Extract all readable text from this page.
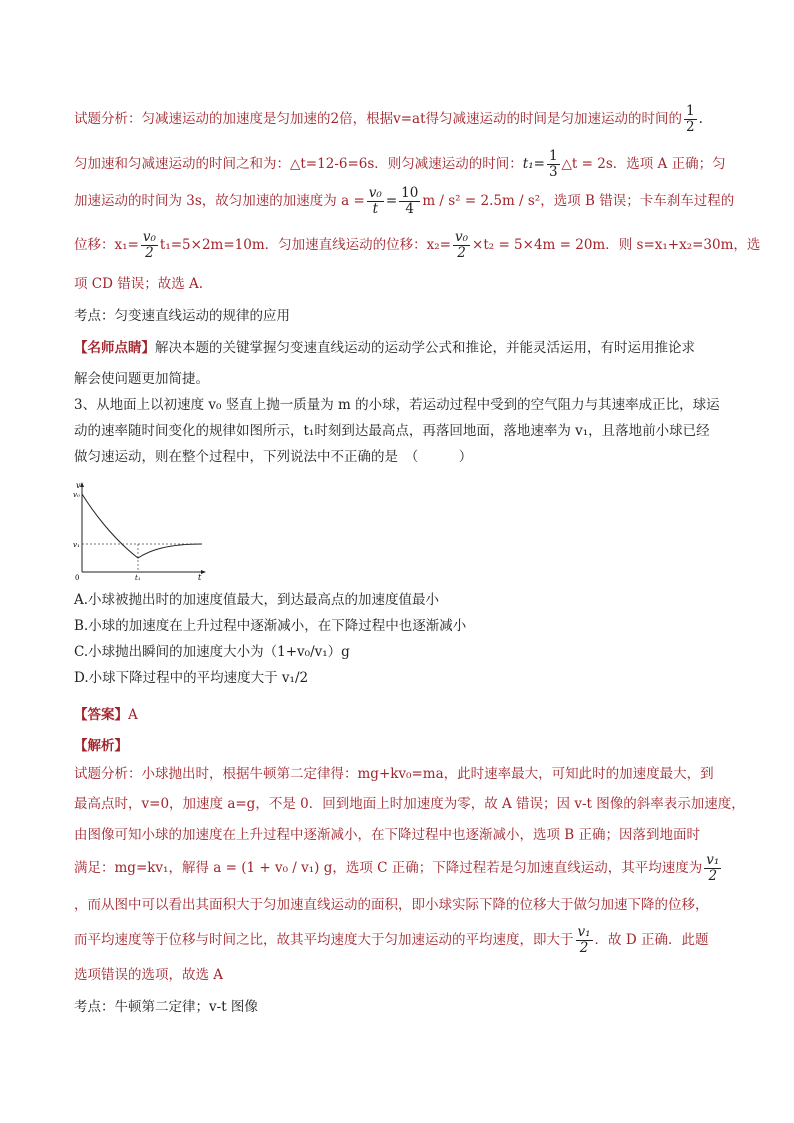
试题分析：匀减速运动的加速度是匀加速的2倍，根据v=at得匀减速运动的时间是匀加速运动的时间的 $\frac{1}{2}$ .
匀加速和匀减速运动的时间之和为：△t=12-6=6s．则匀减速运动的时间：$t_1= \frac{1}{3}$ △t = 2s．选项 A 正确；匀
加速运动的时间为 3s，故匀加速的加速度为 $a = \frac{\text{v₀}}{t} = \frac{10}{4}$ m / s² = 2.5m / s²，选项 B 错误；卡车刹车过程的
位移：$x_1= \frac{\text{v₀}}{2} t_1=5\times 2m=10m$．匀加速直线运动的位移：$x_2= \frac{\text{v₀}}{2} \times t_2 = 5\times 4m = 20m$．则 s=x₁+x₂=30m，选
项 CD 错误；故选 A.
考点：匀变速直线运动的规律的应用
【名师点睛】解决本题的关键掌握匀变速直线运动的运动学公式和推论，并能灵活运用，有时运用推论求
解会使问题更加简捷。
3、从地面上以初速度 v₀ 竖直上抛一质量为 m 的小球，若运动过程中受到的空气阻力与其速率成正比，球运
动的速率随时间变化的规律如图所示，t₁时刻到达最高点，再落回地面，落地速率为 v₁，且落地前小球已经
做匀速运动，则在整个过程中，下列说法中不正确的是　（　　　）
v
v₀
v₁
0	t₁	t
A.小球被抛出时的加速度值最大，到达最高点的加速度值最小
B.小球的加速度在上升过程中逐渐减小，在下降过程中也逐渐减小
C.小球抛出瞬间的加速度大小为（1+v₀/v₁）g
D.小球下降过程中的平均速度大于 v₁/2
【答案】A
【解析】
试题分析：小球抛出时，根据牛顿第二定律得：mg+kv₀=ma，此时速率最大，可知此时的加速度最大，到
最高点时，v=0，加速度 a=g，不是 0．回到地面上时加速度为零，故 A 错误；因 v-t 图像的斜率表示加速度，
由图像可知小球的加速度在上升过程中逐渐减小，在下降过程中也逐渐减小，选项 B 正确；因落到地面时
满足：mg=kv₁，解得 a = (1 + v₀ / v₁) g，选项 C 正确；下降过程若是匀加速直线运动，其平均速度为 $\frac{\text{v₁}}{2}$
，而从图中可以看出其面积大于匀加速直线运动的面积，即小球实际下降的位移大于做匀加速下降的位移，
而平均速度等于位移与时间之比，故其平均速度大于匀加速运动的平均速度，即大于 $\frac{\text{v₁}}{2}$ ．故 D 正确．此题
选项错误的选项，故选 A
考点：牛顿第二定律；v-t 图像
